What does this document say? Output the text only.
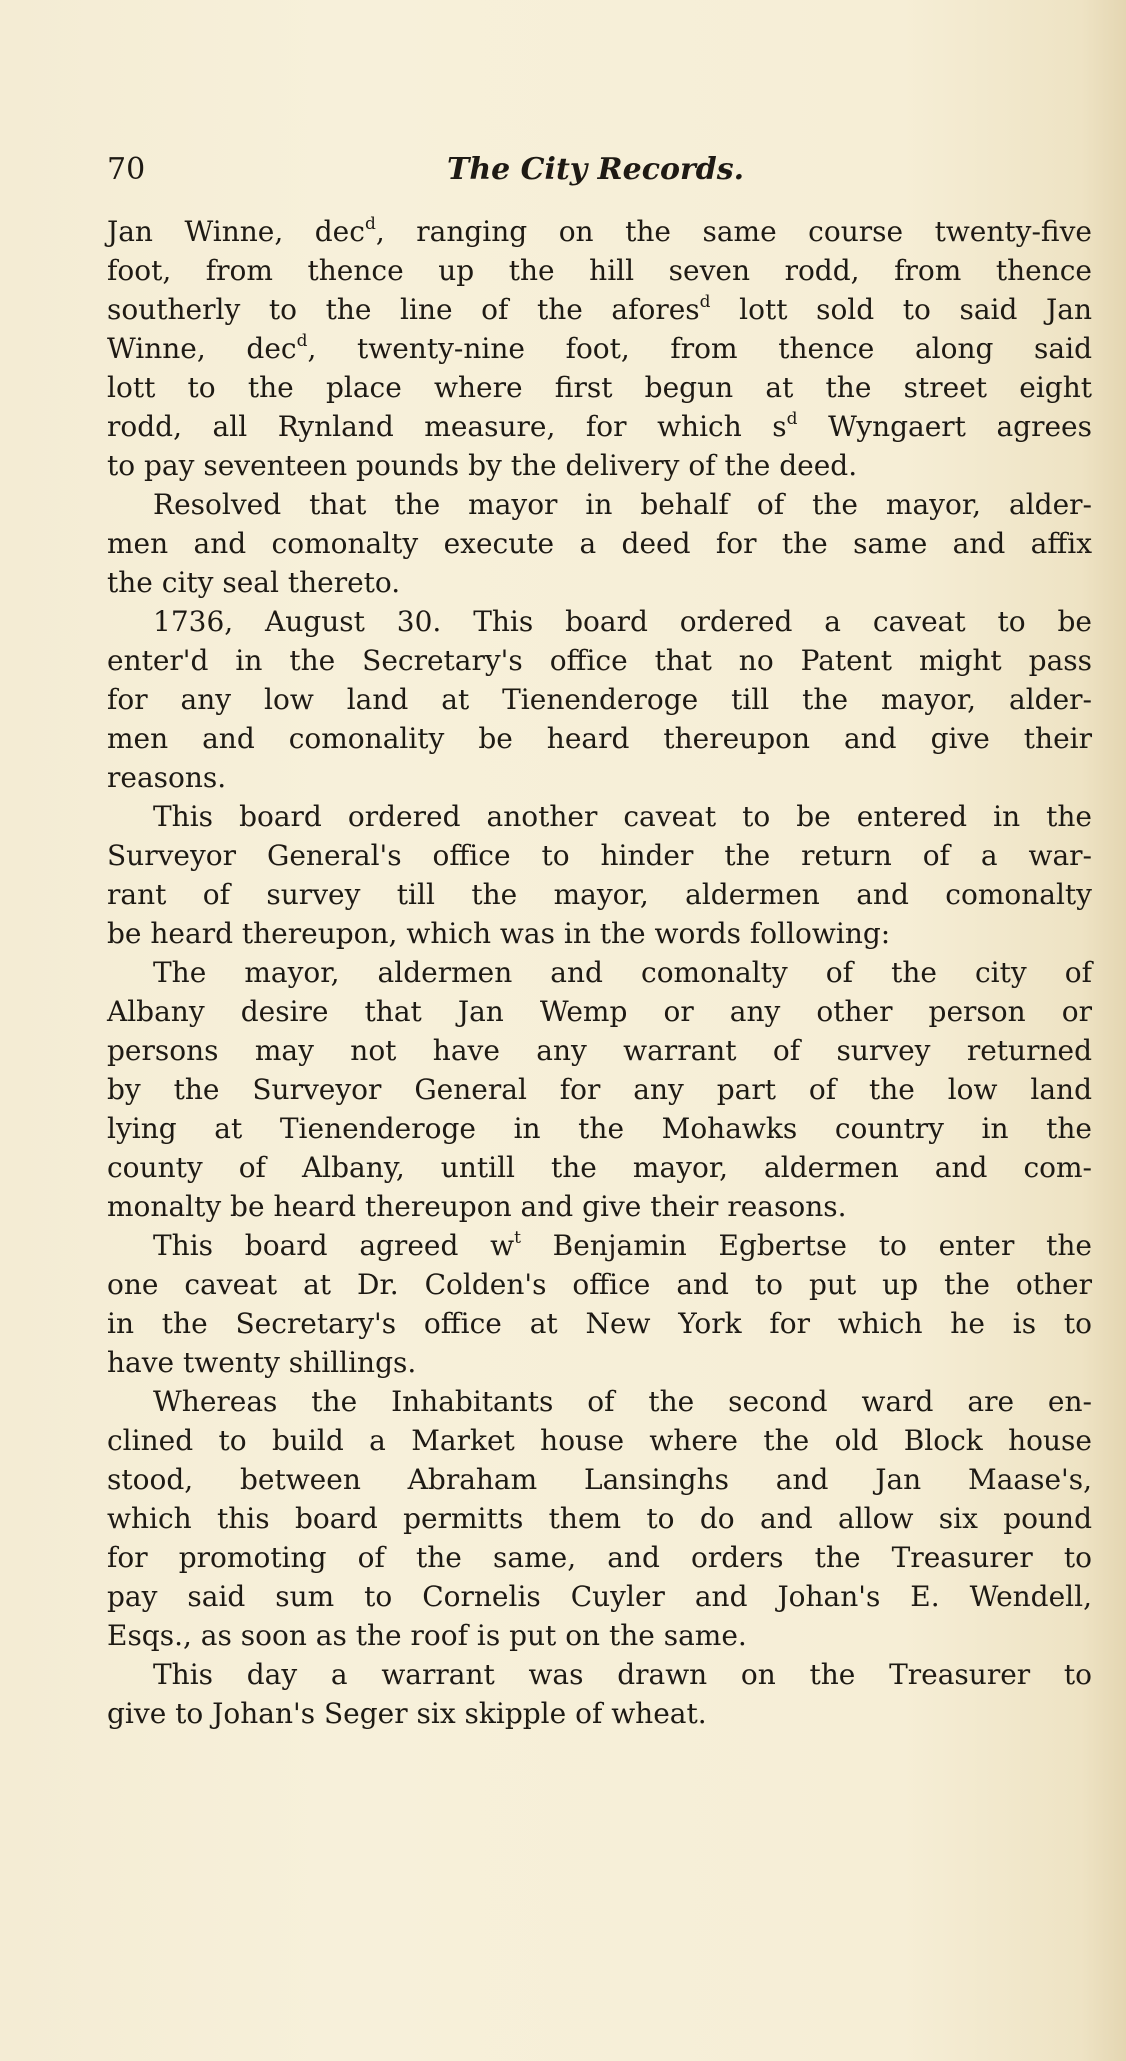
70	The City Records.
Jan Winne, dec$^d$, ranging on the same course twenty-five
foot, from thence up the hill seven rodd, from thence
southerly to the line of the afores$^d$ lott sold to said Jan
Winne, dec$^d$, twenty-nine foot, from thence along said
lott to the place where first begun at the street eight
rodd, all Rynland measure, for which $s^d$ Wyngaert agrees
to pay seventeen pounds by the delivery of the deed.
Resolved that the mayor in behalf of the mayor, alder-
men and comonalty execute a deed for the same and affix
the city seal thereto.
1736, August 30. This board ordered a caveat to be
enter'd in the Secretary's office that no Patent might pass
for any low land at Tienenderoge till the mayor, alder-
men and comonality be heard thereupon and give their
reasons.
This board ordered another caveat to be entered in the
Surveyor General's office to hinder the return of a war-
rant of survey till the mayor, aldermen and comonalty
be heard thereupon, which was in the words following:
The mayor, aldermen and comonalty of the city of
Albany desire that Jan Wemp or any other person or
persons may not have any warrant of survey returned
by the Surveyor General for any part of the low land
lying at Tienenderoge in the Mohawks country in the
county of Albany, untill the mayor, aldermen and com-
monalty be heard thereupon and give their reasons.
This board agreed $w^t$ Benjamin Egbertse to enter the
one caveat at Dr. Colden's office and to put up the other
in the Secretary's office at New York for which he is to
have twenty shillings.
Whereas the Inhabitants of the second ward are en-
clined to build a Market house where the old Block house
stood, between Abraham Lansinghs and Jan Maase's,
which this board permitts them to do and allow six pound
for promoting of the same, and orders the Treasurer to
pay said sum to Cornelis Cuyler and Johan's E. Wendell,
Esqs., as soon as the roof is put on the same.
This day a warrant was drawn on the Treasurer to
give to Johan's Seger six skipple of wheat.
